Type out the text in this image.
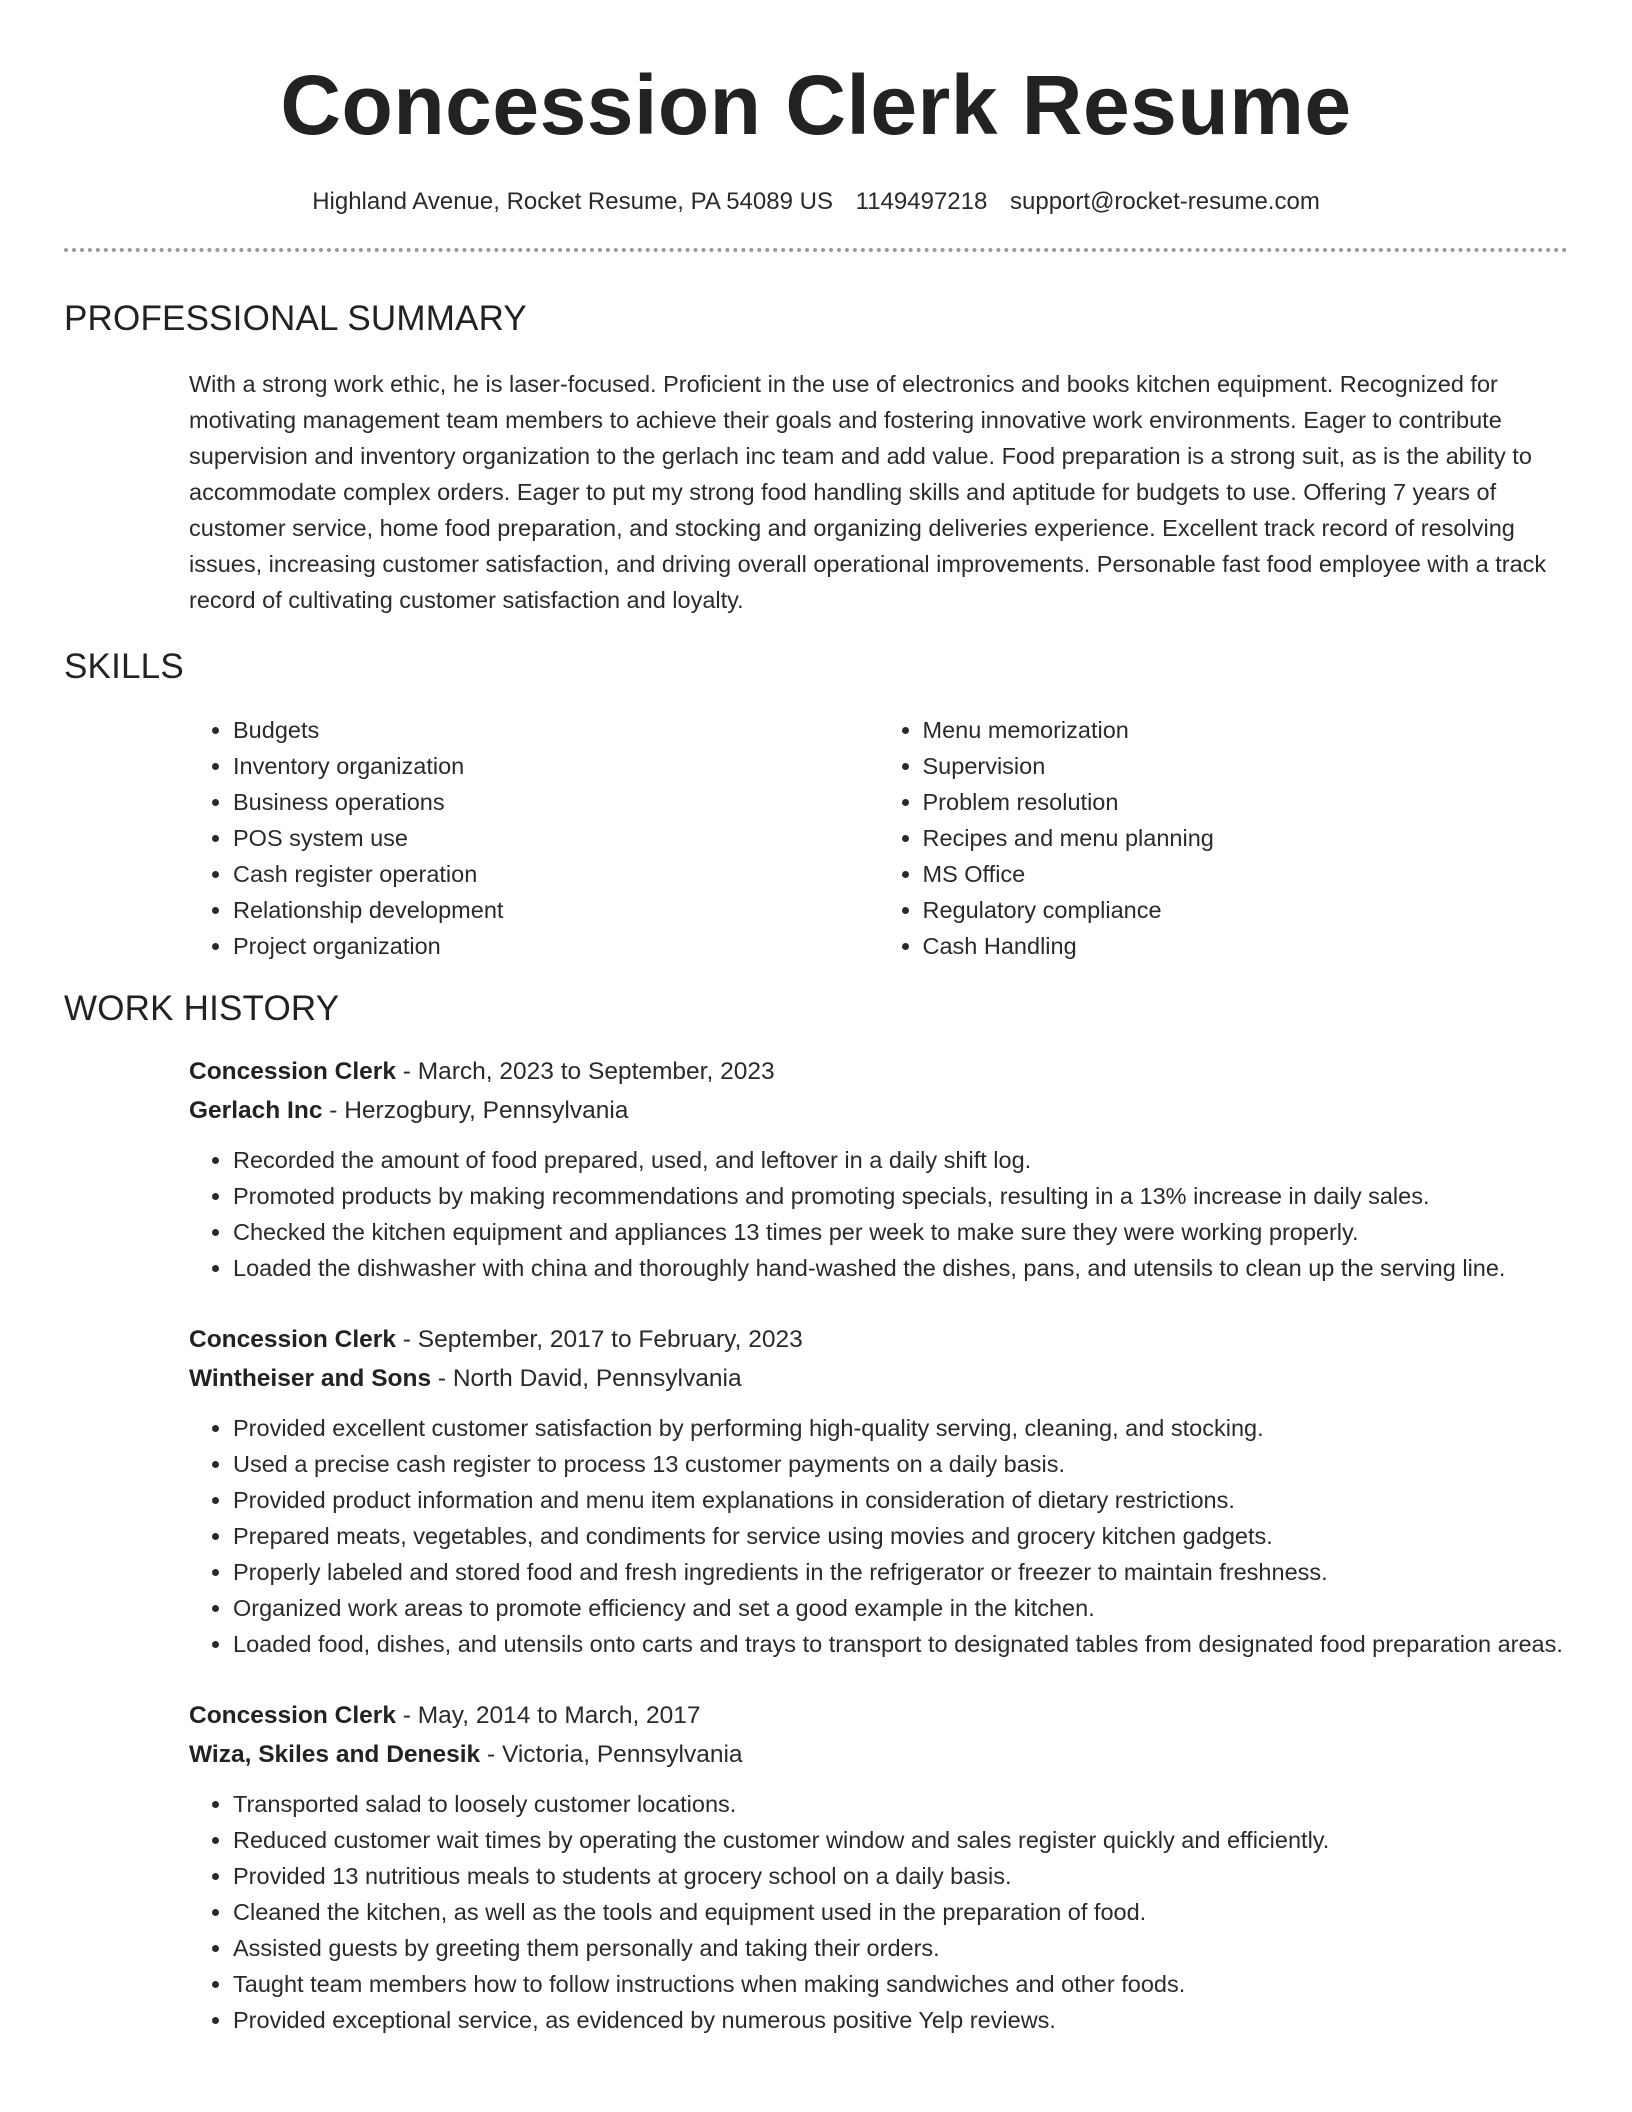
Concession Clerk Resume
Highland Avenue, Rocket Resume, PA 54089 US 1149497218 support@rocket-resume.com
PROFESSIONAL SUMMARY
With a strong work ethic, he is laser-focused. Proficient in the use of electronics and books kitchen equipment. Recognized for motivating management team members to achieve their goals and fostering innovative work environments. Eager to contribute supervision and inventory organization to the gerlach inc team and add value. Food preparation is a strong suit, as is the ability to accommodate complex orders. Eager to put my strong food handling skills and aptitude for budgets to use. Offering 7 years of customer service, home food preparation, and stocking and organizing deliveries experience. Excellent track record of resolving issues, increasing customer satisfaction, and driving overall operational improvements. Personable fast food employee with a track record of cultivating customer satisfaction and loyalty.
SKILLS
• Budgets
• Inventory organization
• Business operations
• POS system use
• Cash register operation
• Relationship development
• Project organization
• Menu memorization
• Supervision
• Problem resolution
• Recipes and menu planning
• MS Office
• Regulatory compliance
• Cash Handling
WORK HISTORY
Concession Clerk - March, 2023 to September, 2023
Gerlach Inc - Herzogbury, Pennsylvania
• Recorded the amount of food prepared, used, and leftover in a daily shift log.
• Promoted products by making recommendations and promoting specials, resulting in a 13% increase in daily sales.
• Checked the kitchen equipment and appliances 13 times per week to make sure they were working properly.
• Loaded the dishwasher with china and thoroughly hand-washed the dishes, pans, and utensils to clean up the serving line.
Concession Clerk - September, 2017 to February, 2023
Wintheiser and Sons - North David, Pennsylvania
• Provided excellent customer satisfaction by performing high-quality serving, cleaning, and stocking.
• Used a precise cash register to process 13 customer payments on a daily basis.
• Provided product information and menu item explanations in consideration of dietary restrictions.
• Prepared meats, vegetables, and condiments for service using movies and grocery kitchen gadgets.
• Properly labeled and stored food and fresh ingredients in the refrigerator or freezer to maintain freshness.
• Organized work areas to promote efficiency and set a good example in the kitchen.
• Loaded food, dishes, and utensils onto carts and trays to transport to designated tables from designated food preparation areas.
Concession Clerk - May, 2014 to March, 2017
Wiza, Skiles and Denesik - Victoria, Pennsylvania
• Transported salad to loosely customer locations.
• Reduced customer wait times by operating the customer window and sales register quickly and efficiently.
• Provided 13 nutritious meals to students at grocery school on a daily basis.
• Cleaned the kitchen, as well as the tools and equipment used in the preparation of food.
• Assisted guests by greeting them personally and taking their orders.
• Taught team members how to follow instructions when making sandwiches and other foods.
• Provided exceptional service, as evidenced by numerous positive Yelp reviews.
